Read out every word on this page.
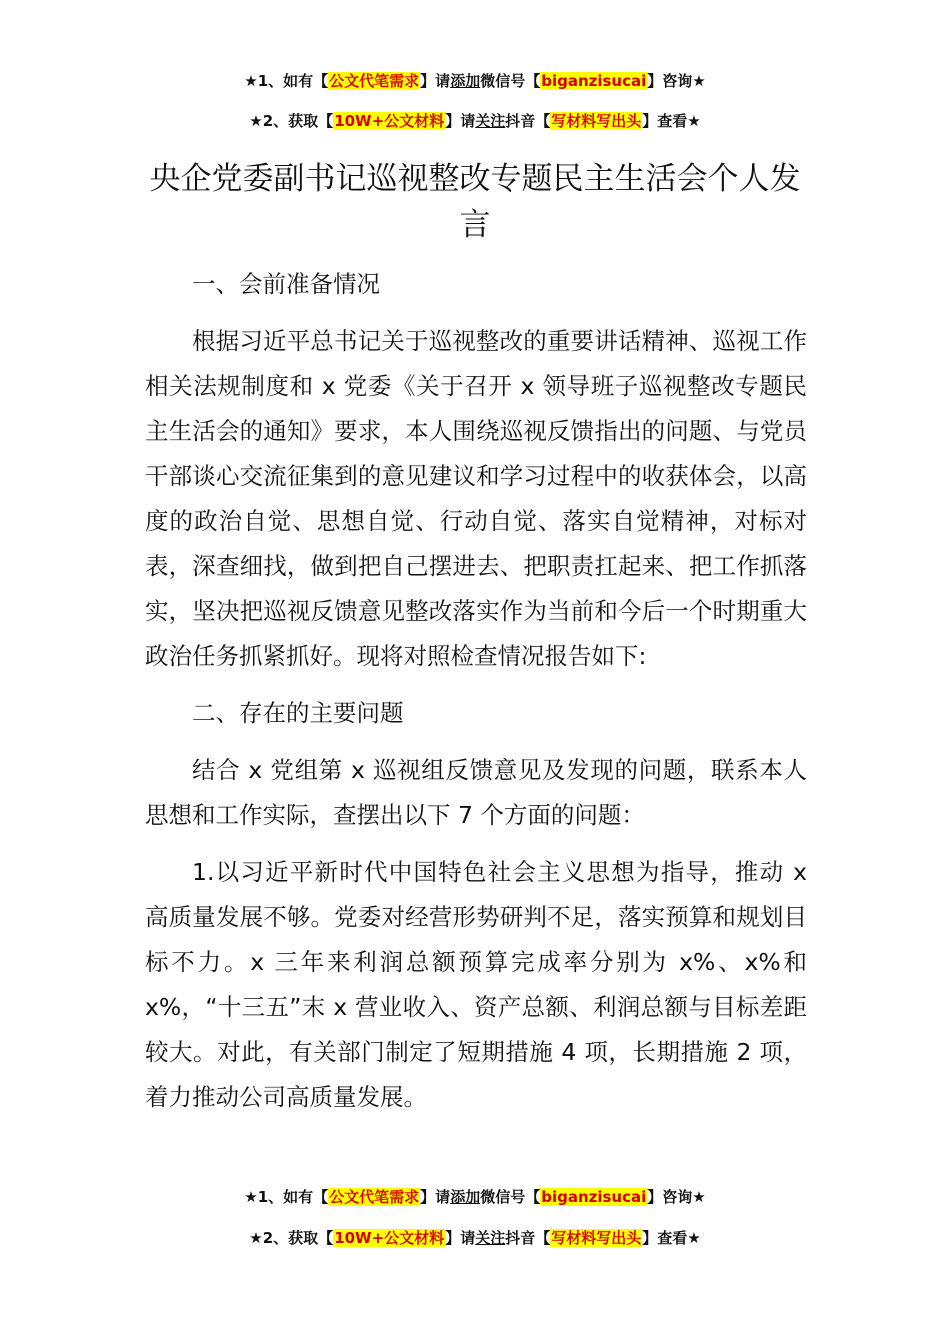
★1、如有【公文代笔需求】请添加微信号【biganzisucai】咨询★
★2、获取【10W+公文材料】请关注抖音【写材料写出头】查看★
央企党委副书记巡视整改专题民主生活会个人发言

一、会前准备情况

根据习近平总书记关于巡视整改的重要讲话精神、巡视工作相关法规制度和 x 党委《关于召开 x 领导班子巡视整改专题民主生活会的通知》要求，本人围绕巡视反馈指出的问题、与党员干部谈心交流征集到的意见建议和学习过程中的收获体会，以高度的政治自觉、思想自觉、行动自觉、落实自觉精神，对标对表，深查细找，做到把自己摆进去、把职责扛起来、把工作抓落实，坚决把巡视反馈意见整改落实作为当前和今后一个时期重大政治任务抓紧抓好。现将对照检查情况报告如下:

二、存在的主要问题

结合 x 党组第 x 巡视组反馈意见及发现的问题，联系本人思想和工作实际，查摆出以下 7 个方面的问题：

1.以习近平新时代中国特色社会主义思想为指导，推动 x 高质量发展不够。党委对经营形势研判不足，落实预算和规划目标不力。x 三年来利润总额预算完成率分别为 x%、x%和 x%，“十三五”末 x 营业收入、资产总额、利润总额与目标差距较大。对此，有关部门制定了短期措施 4 项，长期措施 2 项，着力推动公司高质量发展。

★1、如有【公文代笔需求】请添加微信号【biganzisucai】咨询★
★2、获取【10W+公文材料】请关注抖音【写材料写出头】查看★
